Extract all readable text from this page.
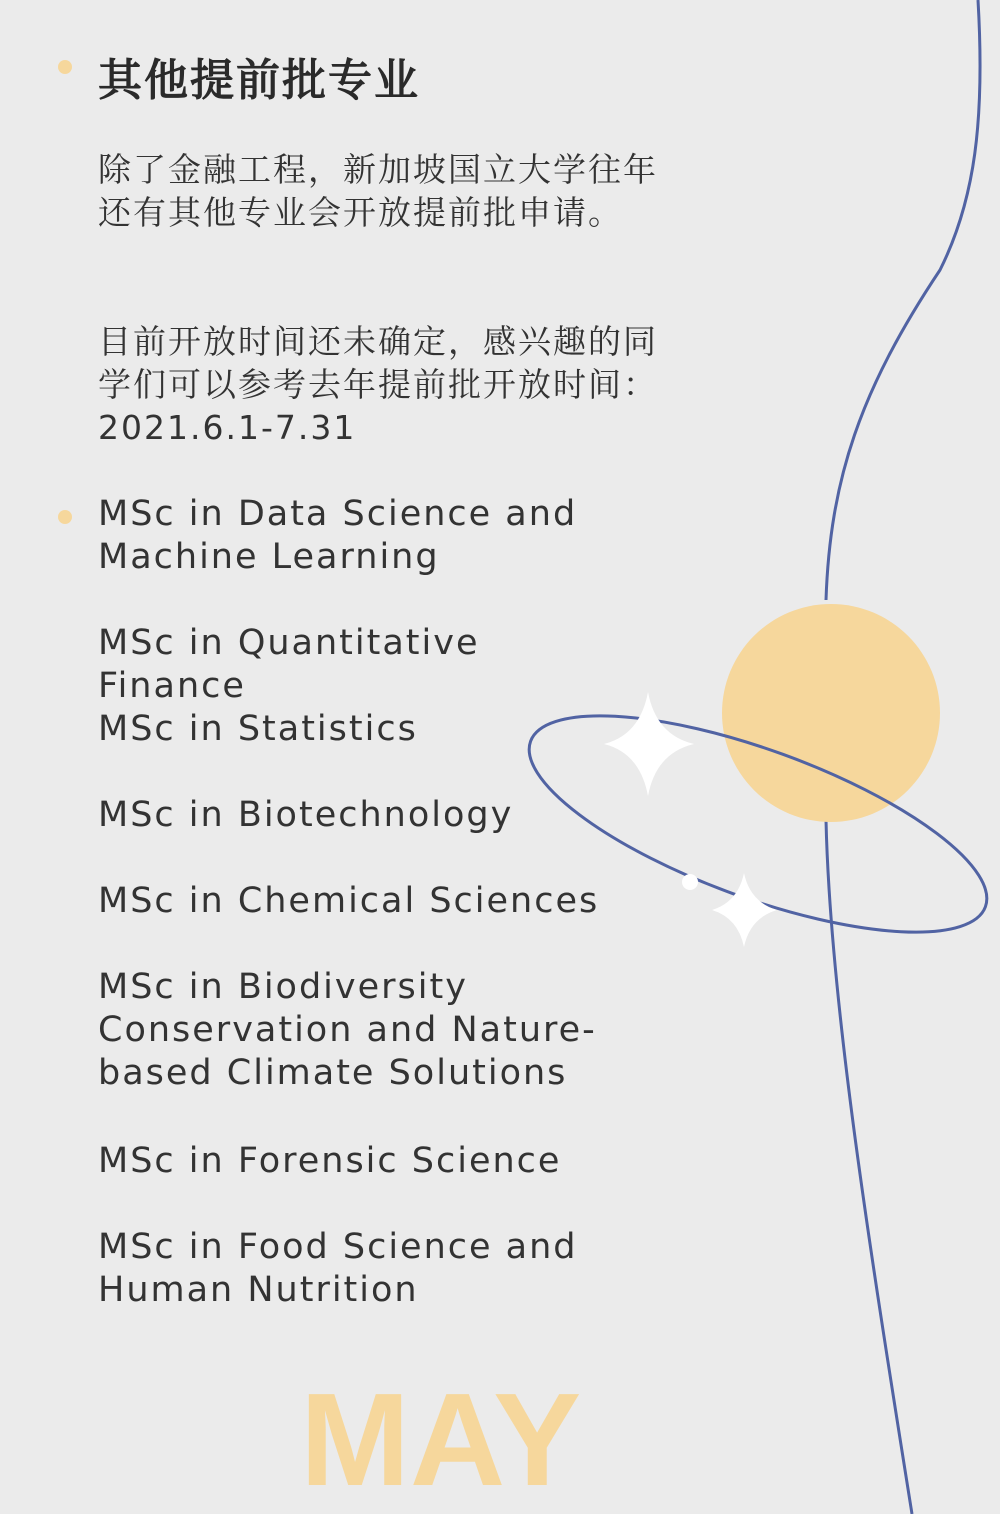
其他提前批专业

除了金融工程，新加坡国立大学往年还有其他专业会开放提前批申请。

目前开放时间还未确定，感兴趣的同学们可以参考去年提前批开放时间：2021.6.1-7.31

MSc in Data Science and Machine Learning

MSc in Quantitative Finance

MSc in Statistics

MSc in Biotechnology

MSc in Chemical Sciences

MSc in Biodiversity Conservation and Nature-based Climate Solutions

MSc in Forensic Science

MSc in Food Science and Human Nutrition

MAY
